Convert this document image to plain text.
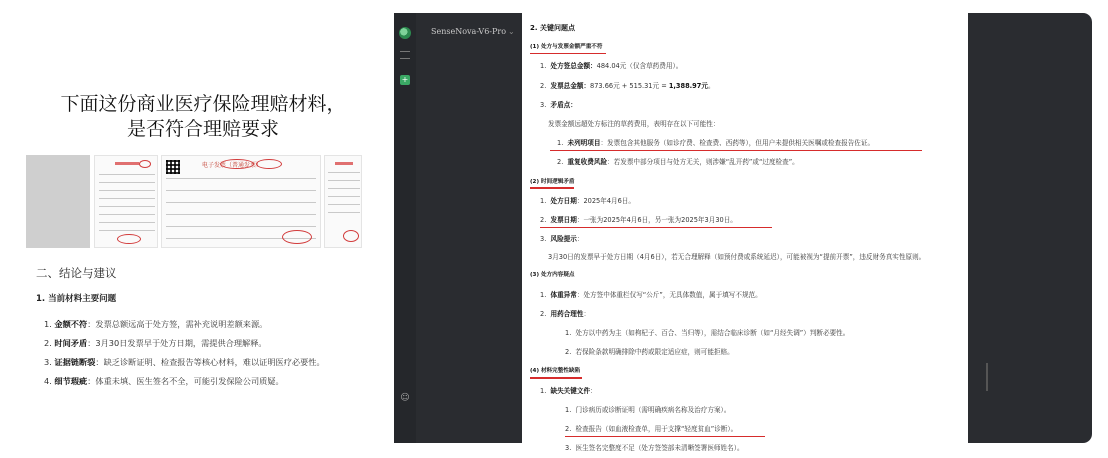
下面这份商业医疗保险理赔材料，
是否符合理赔要求
电子发票（普通发票）
二、结论与建议
1. 当前材料主要问题
1. 金额不符：发票总额远高于处方签，需补充说明差额来源。
2. 时间矛盾：3月30日发票早于处方日期，需提供合理解释。
3. 证据链断裂：缺乏诊断证明、检查报告等核心材料，难以证明医疗必要性。
4. 细节瑕疵：体重未填、医生签名不全，可能引发保险公司质疑。
+
☺
SenseNova-V6-Pro ⌄ 2. 关键问题点
(1) 处方与发票金额严重不符
1.  处方签总金额：484.04元（仅含草药费用）。
2.  发票总金额：873.66元 + 515.31元 = 1,388.97元。
3.  矛盾点：
发票金额远超处方标注的草药费用，表明存在以下可能性：
1.  未列明项目：发票包含其他服务（如诊疗费、检查费、西药等），但用户未提供相关医嘱或检查报告佐证。
2.  重复收费风险：若发票中部分项目与处方无关，则涉嫌“乱开药”或“过度检查”。
(2) 时间逻辑矛盾
1.  处方日期：2025年4月6日。
2.  发票日期：一张为2025年4月6日，另一张为2025年3月30日。
3.  风险提示：
3月30日的发票早于处方日期（4月6日），若无合理解释（如预付费或系统延迟），可能被视为“提前开票”，违反财务真实性原则。
(3) 处方内容疑点
1.  体重异常：处方签中体重栏仅写“公斤”，无具体数值，属于填写不规范。
2.  用药合理性：
1.  处方以中药为主（如枸杞子、百合、当归等），需结合临床诊断（如“月经失调”）判断必要性。
2.  若保险条款明确排除中药或限定适应症，则可能拒赔。
(4) 材料完整性缺陷
1.  缺失关键文件：
1.  门诊病历或诊断证明（需明确疾病名称及治疗方案）。
2.  检查报告（如血液检查单，用于支撑“轻度贫血”诊断）。
3.  医生签名完整度不足（处方签签部未清晰签署医师姓名）。
